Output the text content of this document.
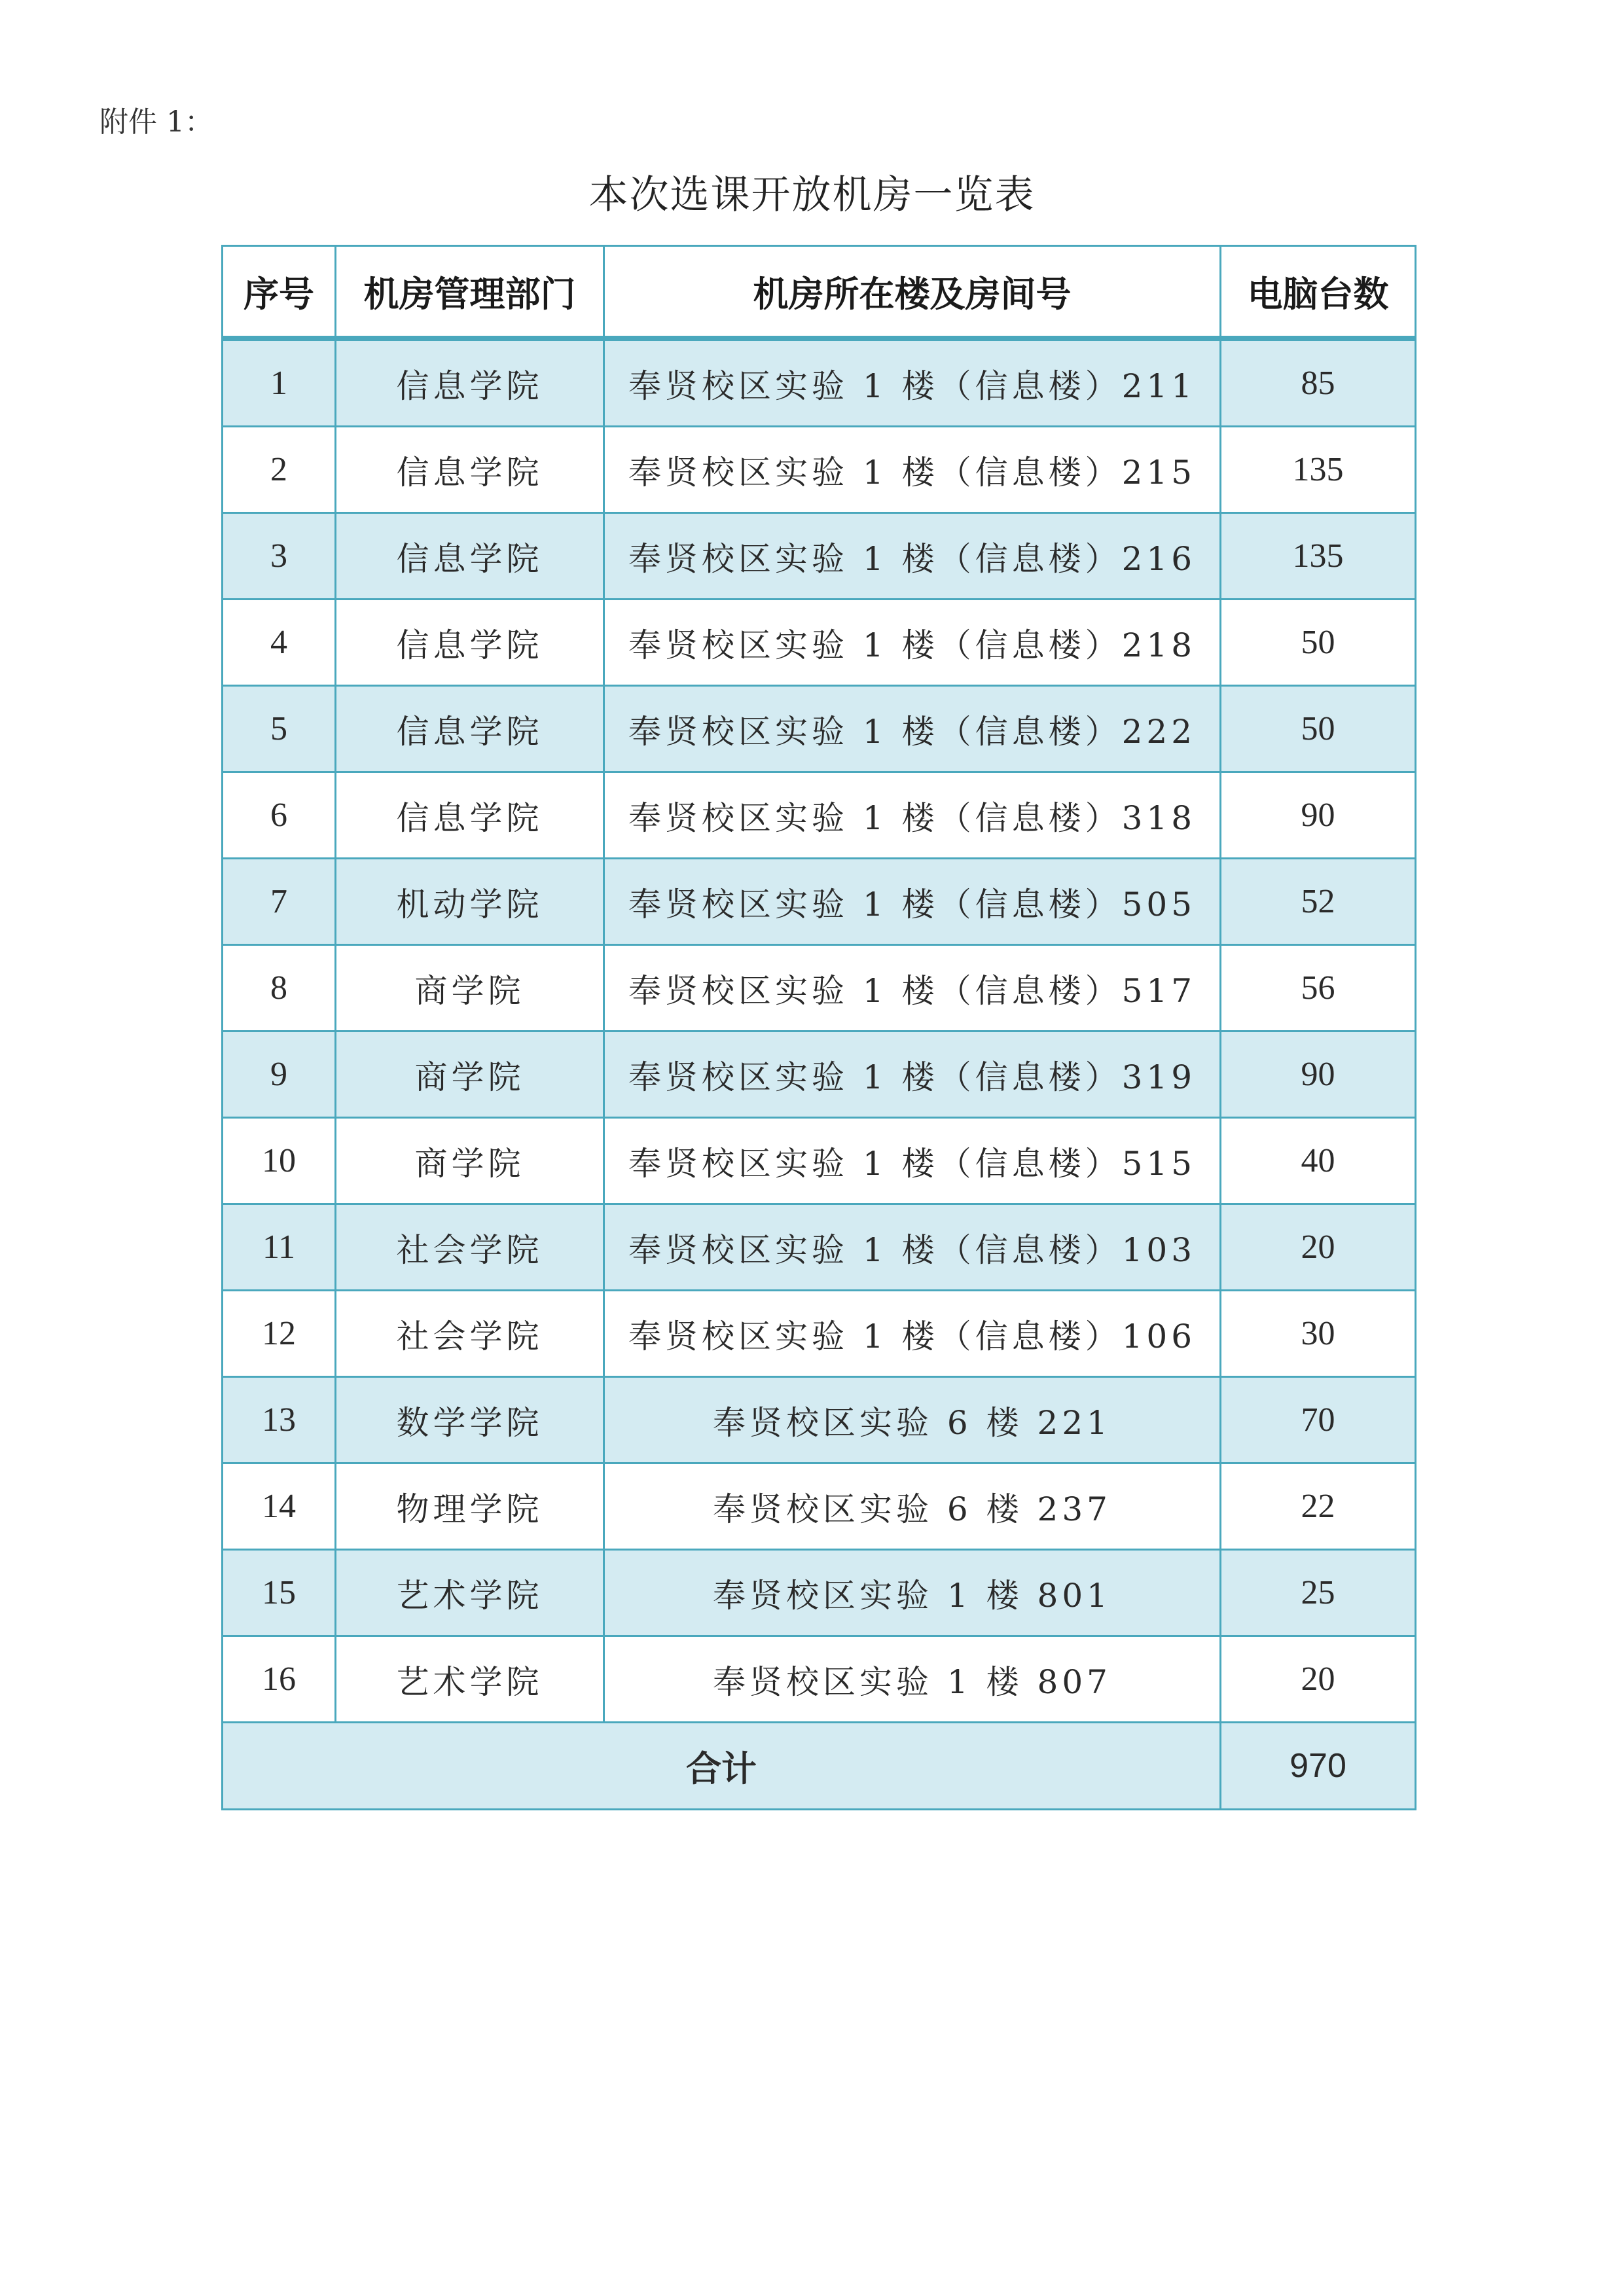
附件 1：
本次选课开放机房一览表
序号	机房管理部门	机房所在楼及房间号	电脑台数
1	信息学院	奉贤校区实验 1 楼（信息楼）211	85
2	信息学院	奉贤校区实验 1 楼（信息楼）215	135
3	信息学院	奉贤校区实验 1 楼（信息楼）216	135
4	信息学院	奉贤校区实验 1 楼（信息楼）218	50
5	信息学院	奉贤校区实验 1 楼（信息楼）222	50
6	信息学院	奉贤校区实验 1 楼（信息楼）318	90
7	机动学院	奉贤校区实验 1 楼（信息楼）505	52
8	商学院	奉贤校区实验 1 楼（信息楼）517	56
9	商学院	奉贤校区实验 1 楼（信息楼）319	90
10	商学院	奉贤校区实验 1 楼（信息楼）515	40
11	社会学院	奉贤校区实验 1 楼（信息楼）103	20
12	社会学院	奉贤校区实验 1 楼（信息楼）106	30
13	数学学院	奉贤校区实验 6 楼 221	70
14	物理学院	奉贤校区实验 6 楼 237	22
15	艺术学院	奉贤校区实验 1 楼 801	25
16	艺术学院	奉贤校区实验 1 楼 807	20
合计			970
